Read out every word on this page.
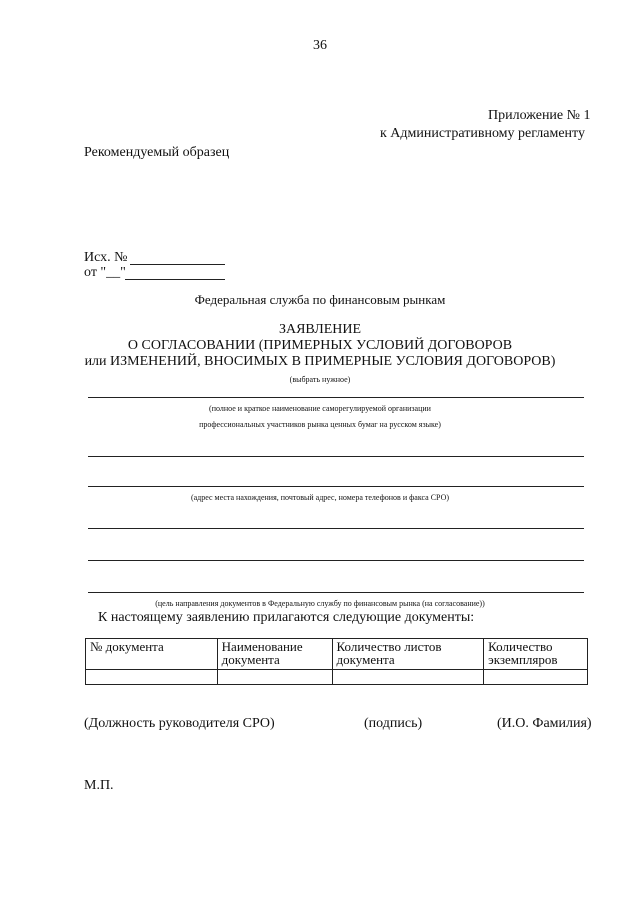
36
Приложение № 1
к Административному регламенту
Рекомендуемый образец
Исх. №
от "__"
Федеральная служба по финансовым рынкам
ЗАЯВЛЕНИЕ
О СОГЛАСОВАНИИ (ПРИМЕРНЫХ УСЛОВИЙ ДОГОВОРОВ
или ИЗМЕНЕНИЙ, ВНОСИМЫХ В ПРИМЕРНЫЕ УСЛОВИЯ ДОГОВОРОВ)
(выбрать нужное)
(полное и краткое наименование саморегулируемой организации
профессиональных участников рынка ценных бумаг на русском языке)
(адрес места нахождения, почтовый адрес, номера телефонов и факса СРО)
(цель направления документов в Федеральную службу по финансовым рынка (на согласование))
К настоящему заявлению прилагаются следующие документы:
№ документа	Наименование документа	Количество листов документа	Количество экземпляров

(Должность руководителя СРО)	(подпись)	(И.О. Фамилия)
М.П.
